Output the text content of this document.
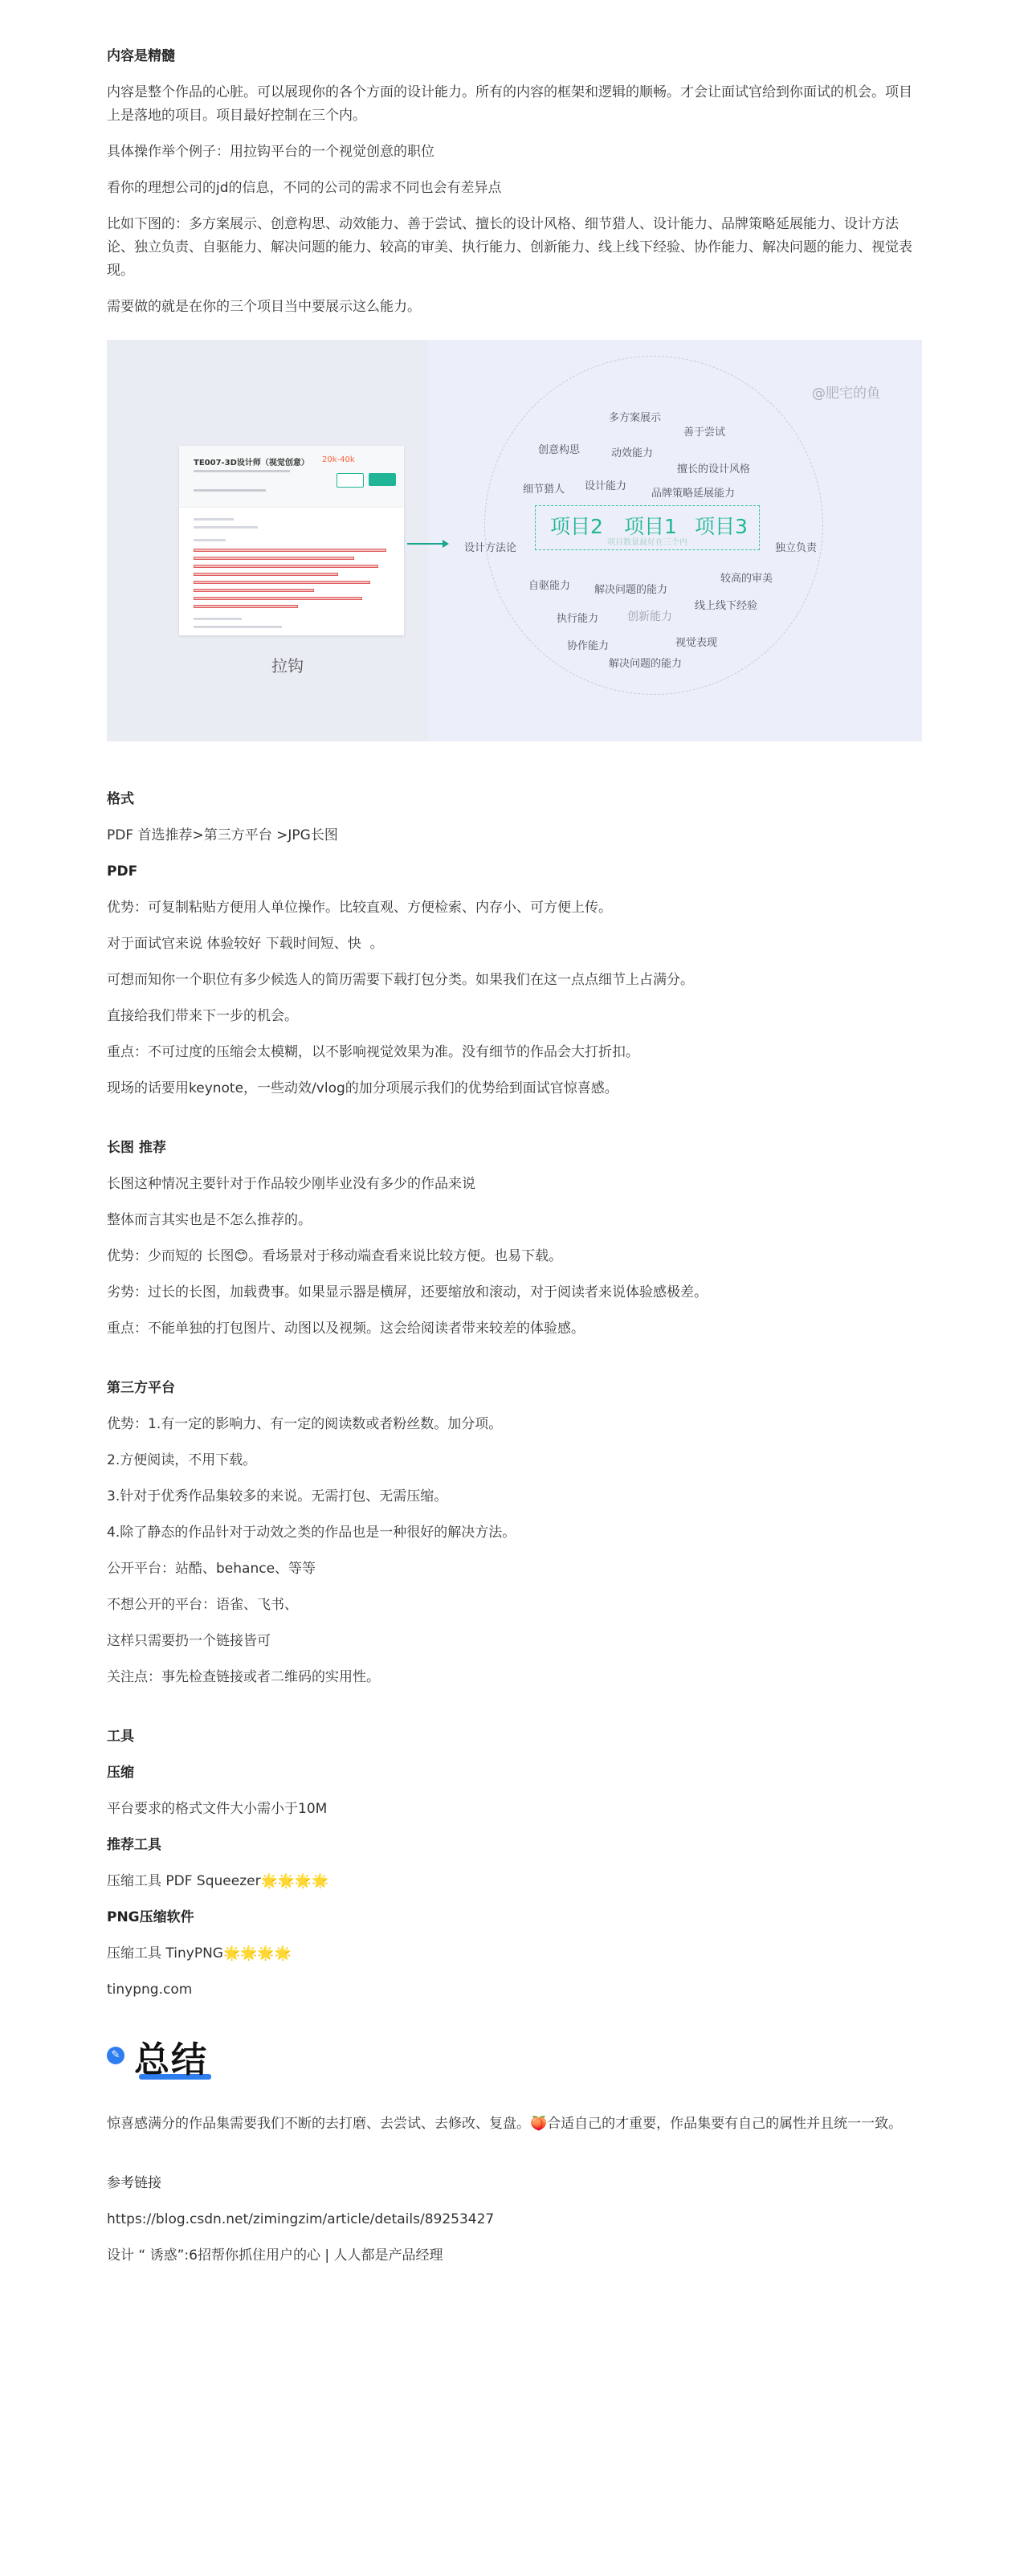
内容是精髓

内容是整个作品的心脏。可以展现你的各个方面的设计能力。所有的内容的框架和逻辑的顺畅。才会让面试官给到你面试的机会。项目上是落地的项目。项目最好控制在三个内。

具体操作举个例子：用拉钩平台的一个视觉创意的职位

看你的理想公司的jd的信息，不同的公司的需求不同也会有差异点

比如下图的：多方案展示、创意构思、动效能力、善于尝试、擅长的设计风格、细节猎人、设计能力、品牌策略延展能力、设计方法论、独立负责、自驱能力、解决问题的能力、较高的审美、执行能力、创新能力、线上线下经验、协作能力、解决问题的能力、视觉表现。

需要做的就是在你的三个项目当中要展示这么能力。

TE007-3D设计师（视觉创意） 20k-40k
拉钩
设计方法论
@肥宅的鱼
多方案展示
善于尝试
创意构思	动效能力
擅长的设计风格
细节猎人 设计能力
品牌策略延展能力
项目2 项目1 项目3
项目数量最好在三个内	独立负责
自驱能力 解决问题的能力
较高的审美
线上线下经验
执行能力	创新能力
协作能力	视觉表现
解决问题的能力
格式

PDF 首选推荐>第三方平台 >JPG长图

PDF

优势：可复制粘贴方便用人单位操作。比较直观、方便检索、内存小、可方便上传。

对于面试官来说 体验较好 下载时间短、快  。

可想而知你一个职位有多少候选人的简历需要下载打包分类。如果我们在这一点点细节上占满分。

直接给我们带来下一步的机会。

重点：不可过度的压缩会太模糊，以不影响视觉效果为准。没有细节的作品会大打折扣。

现场的话要用keynote，一些动效/vlog的加分项展示我们的优势给到面试官惊喜感。

长图 推荐

长图这种情况主要针对于作品较少刚毕业没有多少的作品来说

整体而言其实也是不怎么推荐的。

优势：少而短的 长图😊。看场景对于移动端查看来说比较方便。也易下载。

劣势：过长的长图，加载费事。如果显示器是横屏，还要缩放和滚动，对于阅读者来说体验感极差。

重点：不能单独的打包图片、动图以及视频。这会给阅读者带来较差的体验感。

第三方平台

优势：1.有一定的影响力、有一定的阅读数或者粉丝数。加分项。

2.方便阅读，不用下载。

3.针对于优秀作品集较多的来说。无需打包、无需压缩。

4.除了静态的作品针对于动效之类的作品也是一种很好的解决方法。

公开平台：站酷、behance、等等

不想公开的平台：语雀、飞书、

这样只需要扔一个链接皆可

关注点：事先检查链接或者二维码的实用性。

工具
压缩

平台要求的格式文件大小需小于10M

推荐工具

压缩工具 PDF Squeezer🌟🌟🌟🌟

PNG压缩软件

压缩工具 TinyPNG🌟🌟🌟🌟

tinypng.com

✎ 总结

惊喜感满分的作品集需要我们不断的去打磨、去尝试、去修改、复盘。🍑合适自己的才重要，作品集要有自己的属性并且统一一致。

参考链接

https://blog.csdn.net/zimingzim/article/details/89253427

设计 “ 诱惑”:6招帮你抓住用户的心 | 人人都是产品经理
